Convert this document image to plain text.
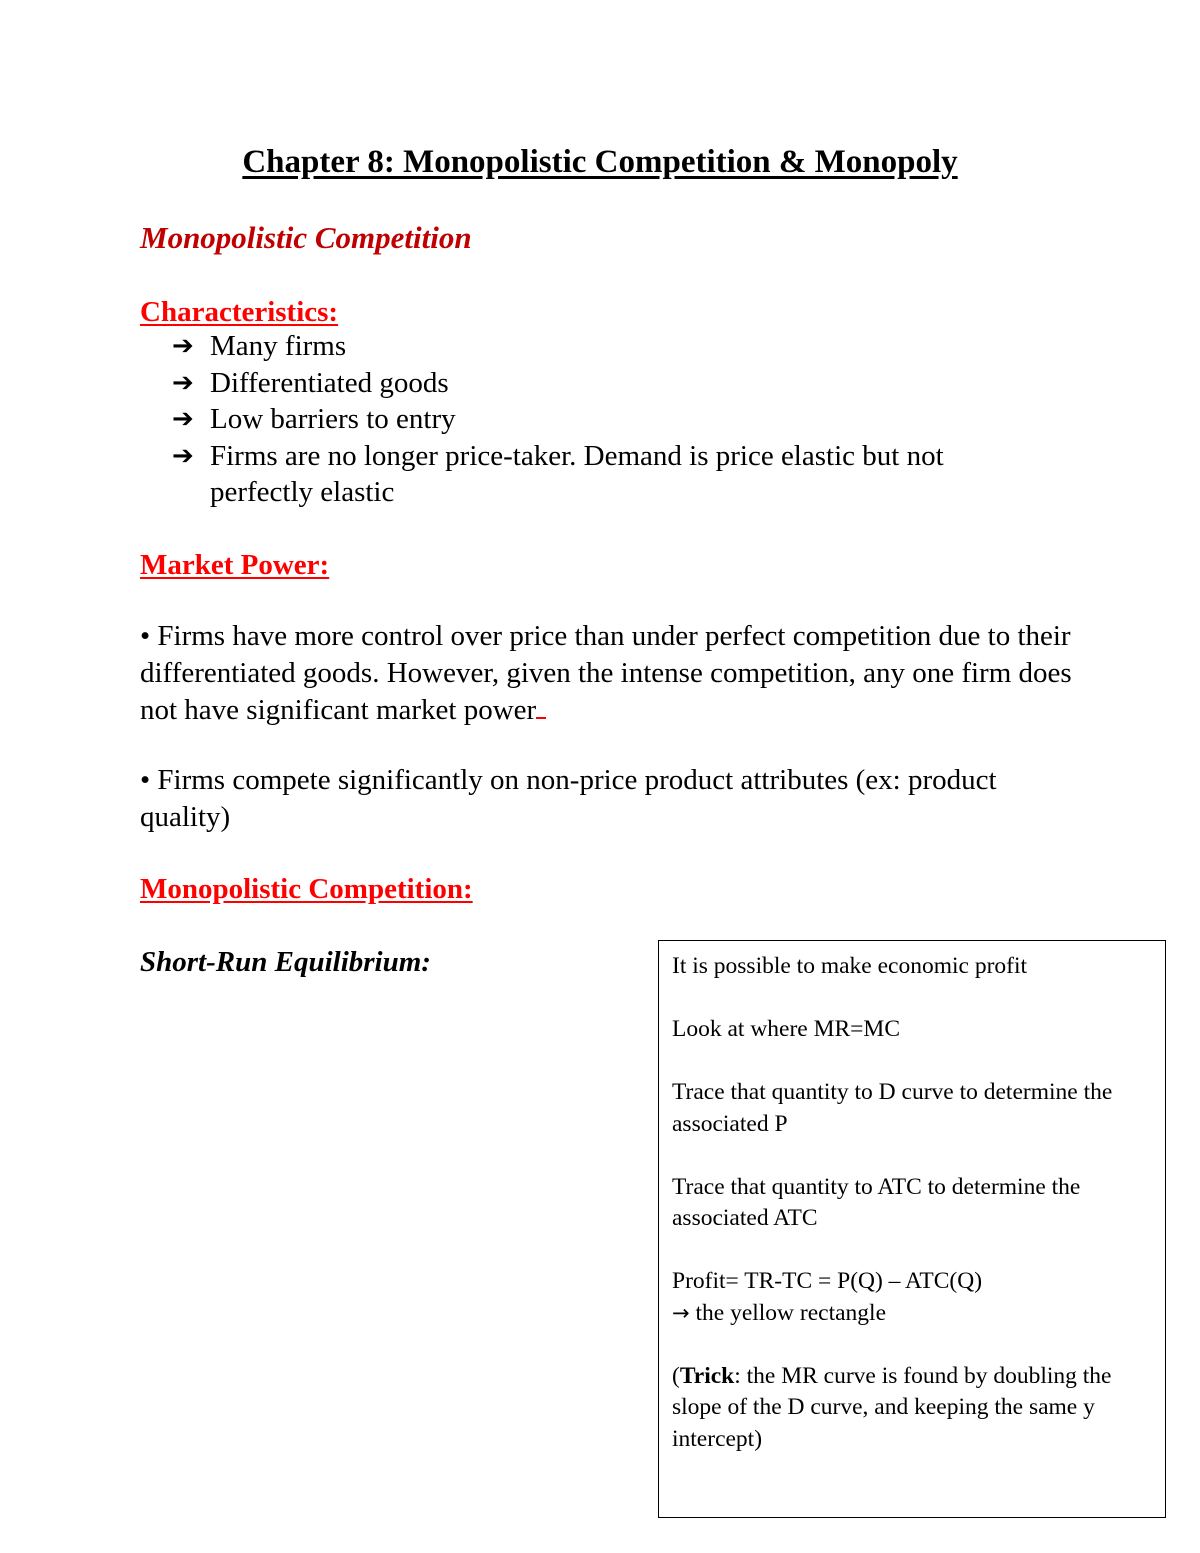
Chapter 8: Monopolistic Competition & Monopoly
Monopolistic Competition
Characteristics:
➔ Many firms
➔ Differentiated goods
➔ Low barriers to entry
➔ Firms are no longer price-taker. Demand is price elastic but not perfectly elastic
Market Power:

• Firms have more control over price than under perfect competition due to their differentiated goods. However, given the intense competition, any one firm does not have significant market power

• Firms compete significantly on non-price product attributes (ex: product quality)

Monopolistic Competition:
Short-Run Equilibrium:	It is possible to make economic profit

Look at where MR=MC

Trace that quantity to D curve to determine the associated P

Trace that quantity to ATC to determine the associated ATC

Profit= TR-TC = P(Q) – ATC(Q)
→ the yellow rectangle

(Trick: the MR curve is found by doubling the slope of the D curve, and keeping the same y intercept)
